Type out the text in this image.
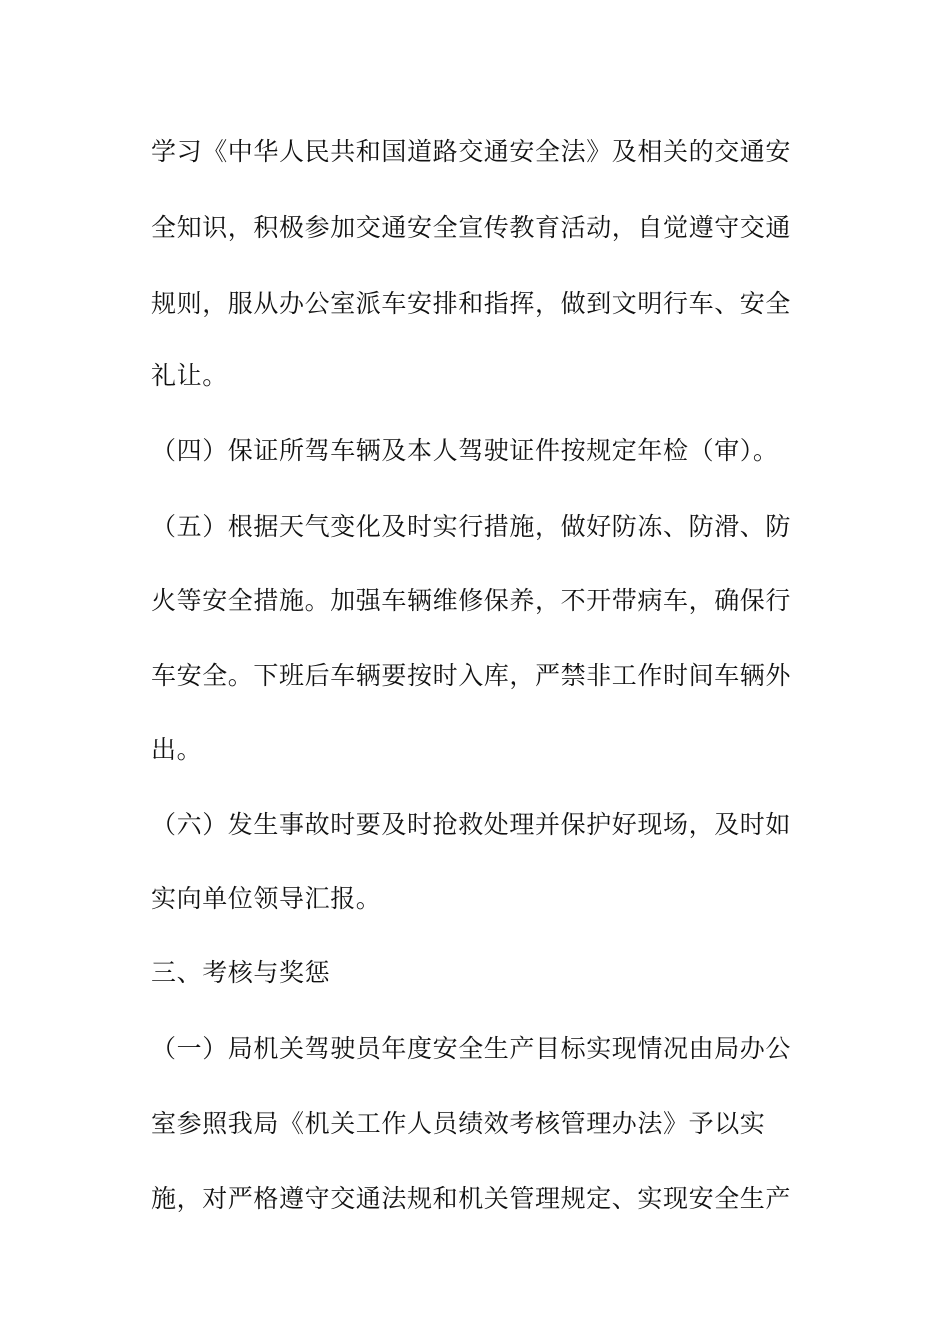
学习《中华人民共和国道路交通安全法》及相关的交通安
全知识，积极参加交通安全宣传教育活动，自觉遵守交通
规则，服从办公室派车安排和指挥，做到文明行车、安全
礼让。
（四）保证所驾车辆及本人驾驶证件按规定年检（审）。
（五）根据天气变化及时实行措施，做好防冻、防滑、防
火等安全措施。加强车辆维修保养，不开带病车，确保行
车安全。下班后车辆要按时入库，严禁非工作时间车辆外
出。
（六）发生事故时要及时抢救处理并保护好现场，及时如
实向单位领导汇报。
三、考核与奖惩
（一）局机关驾驶员年度安全生产目标实现情况由局办公
室参照我局《机关工作人员绩效考核管理办法》予以实
施，对严格遵守交通法规和机关管理规定、实现安全生产
